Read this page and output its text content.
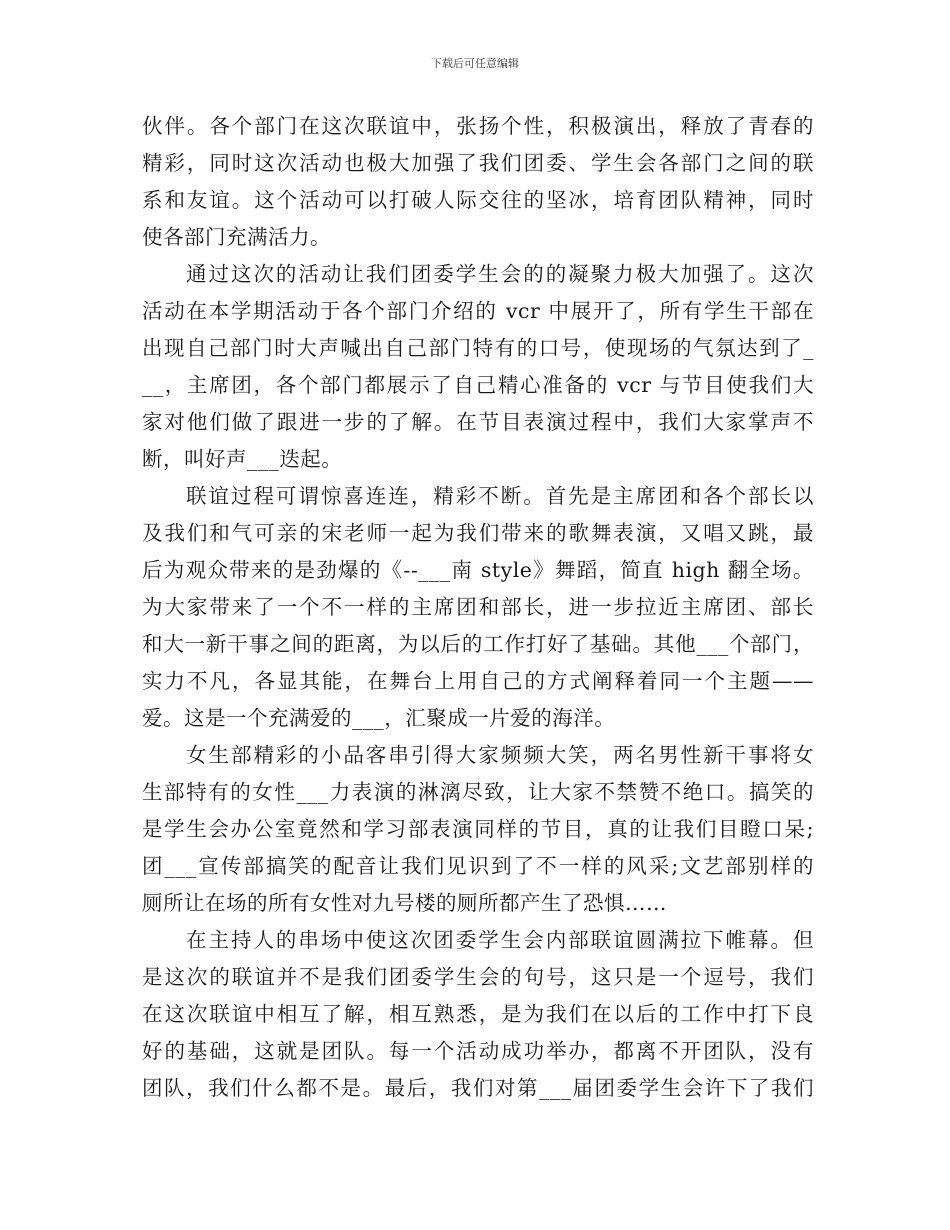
下载后可任意编辑
伙伴。各个部门在这次联谊中，张扬个性，积极演出，释放了青春的
精彩，同时这次活动也极大加强了我们团委、学生会各部门之间的联
系和友谊。这个活动可以打破人际交往的坚冰，培育团队精神，同时
使各部门充满活力。
通过这次的活动让我们团委学生会的的凝聚力极大加强了。这次
活动在本学期活动于各个部门介绍的 vcr 中展开了，所有学生干部在
出现自己部门时大声喊出自己部门特有的口号，使现场的气氛达到了_
__，主席团，各个部门都展示了自己精心准备的 vcr 与节目使我们大
家对他们做了跟进一步的了解。在节目表演过程中，我们大家掌声不
断，叫好声___迭起。
联谊过程可谓惊喜连连，精彩不断。首先是主席团和各个部长以
及我们和气可亲的宋老师一起为我们带来的歌舞表演，又唱又跳，最
后为观众带来的是劲爆的《--___南 style》舞蹈，简直 high 翻全场。
为大家带来了一个不一样的主席团和部长，进一步拉近主席团、部长
和大一新干事之间的距离，为以后的工作打好了基础。其他___个部门，
实力不凡，各显其能，在舞台上用自己的方式阐释着同一个主题——
爱。这是一个充满爱的___，汇聚成一片爱的海洋。
女生部精彩的小品客串引得大家频频大笑，两名男性新干事将女
生部特有的女性___力表演的淋漓尽致，让大家不禁赞不绝口。搞笑的
是学生会办公室竟然和学习部表演同样的节目，真的让我们目瞪口呆;
团___宣传部搞笑的配音让我们见识到了不一样的风采;文艺部别样的
厕所让在场的所有女性对九号楼的厕所都产生了恐惧……
在主持人的串场中使这次团委学生会内部联谊圆满拉下帷幕。但
是这次的联谊并不是我们团委学生会的句号，这只是一个逗号，我们
在这次联谊中相互了解，相互熟悉，是为我们在以后的工作中打下良
好的基础，这就是团队。每一个活动成功举办，都离不开团队，没有
团队，我们什么都不是。最后，我们对第___届团委学生会许下了我们
